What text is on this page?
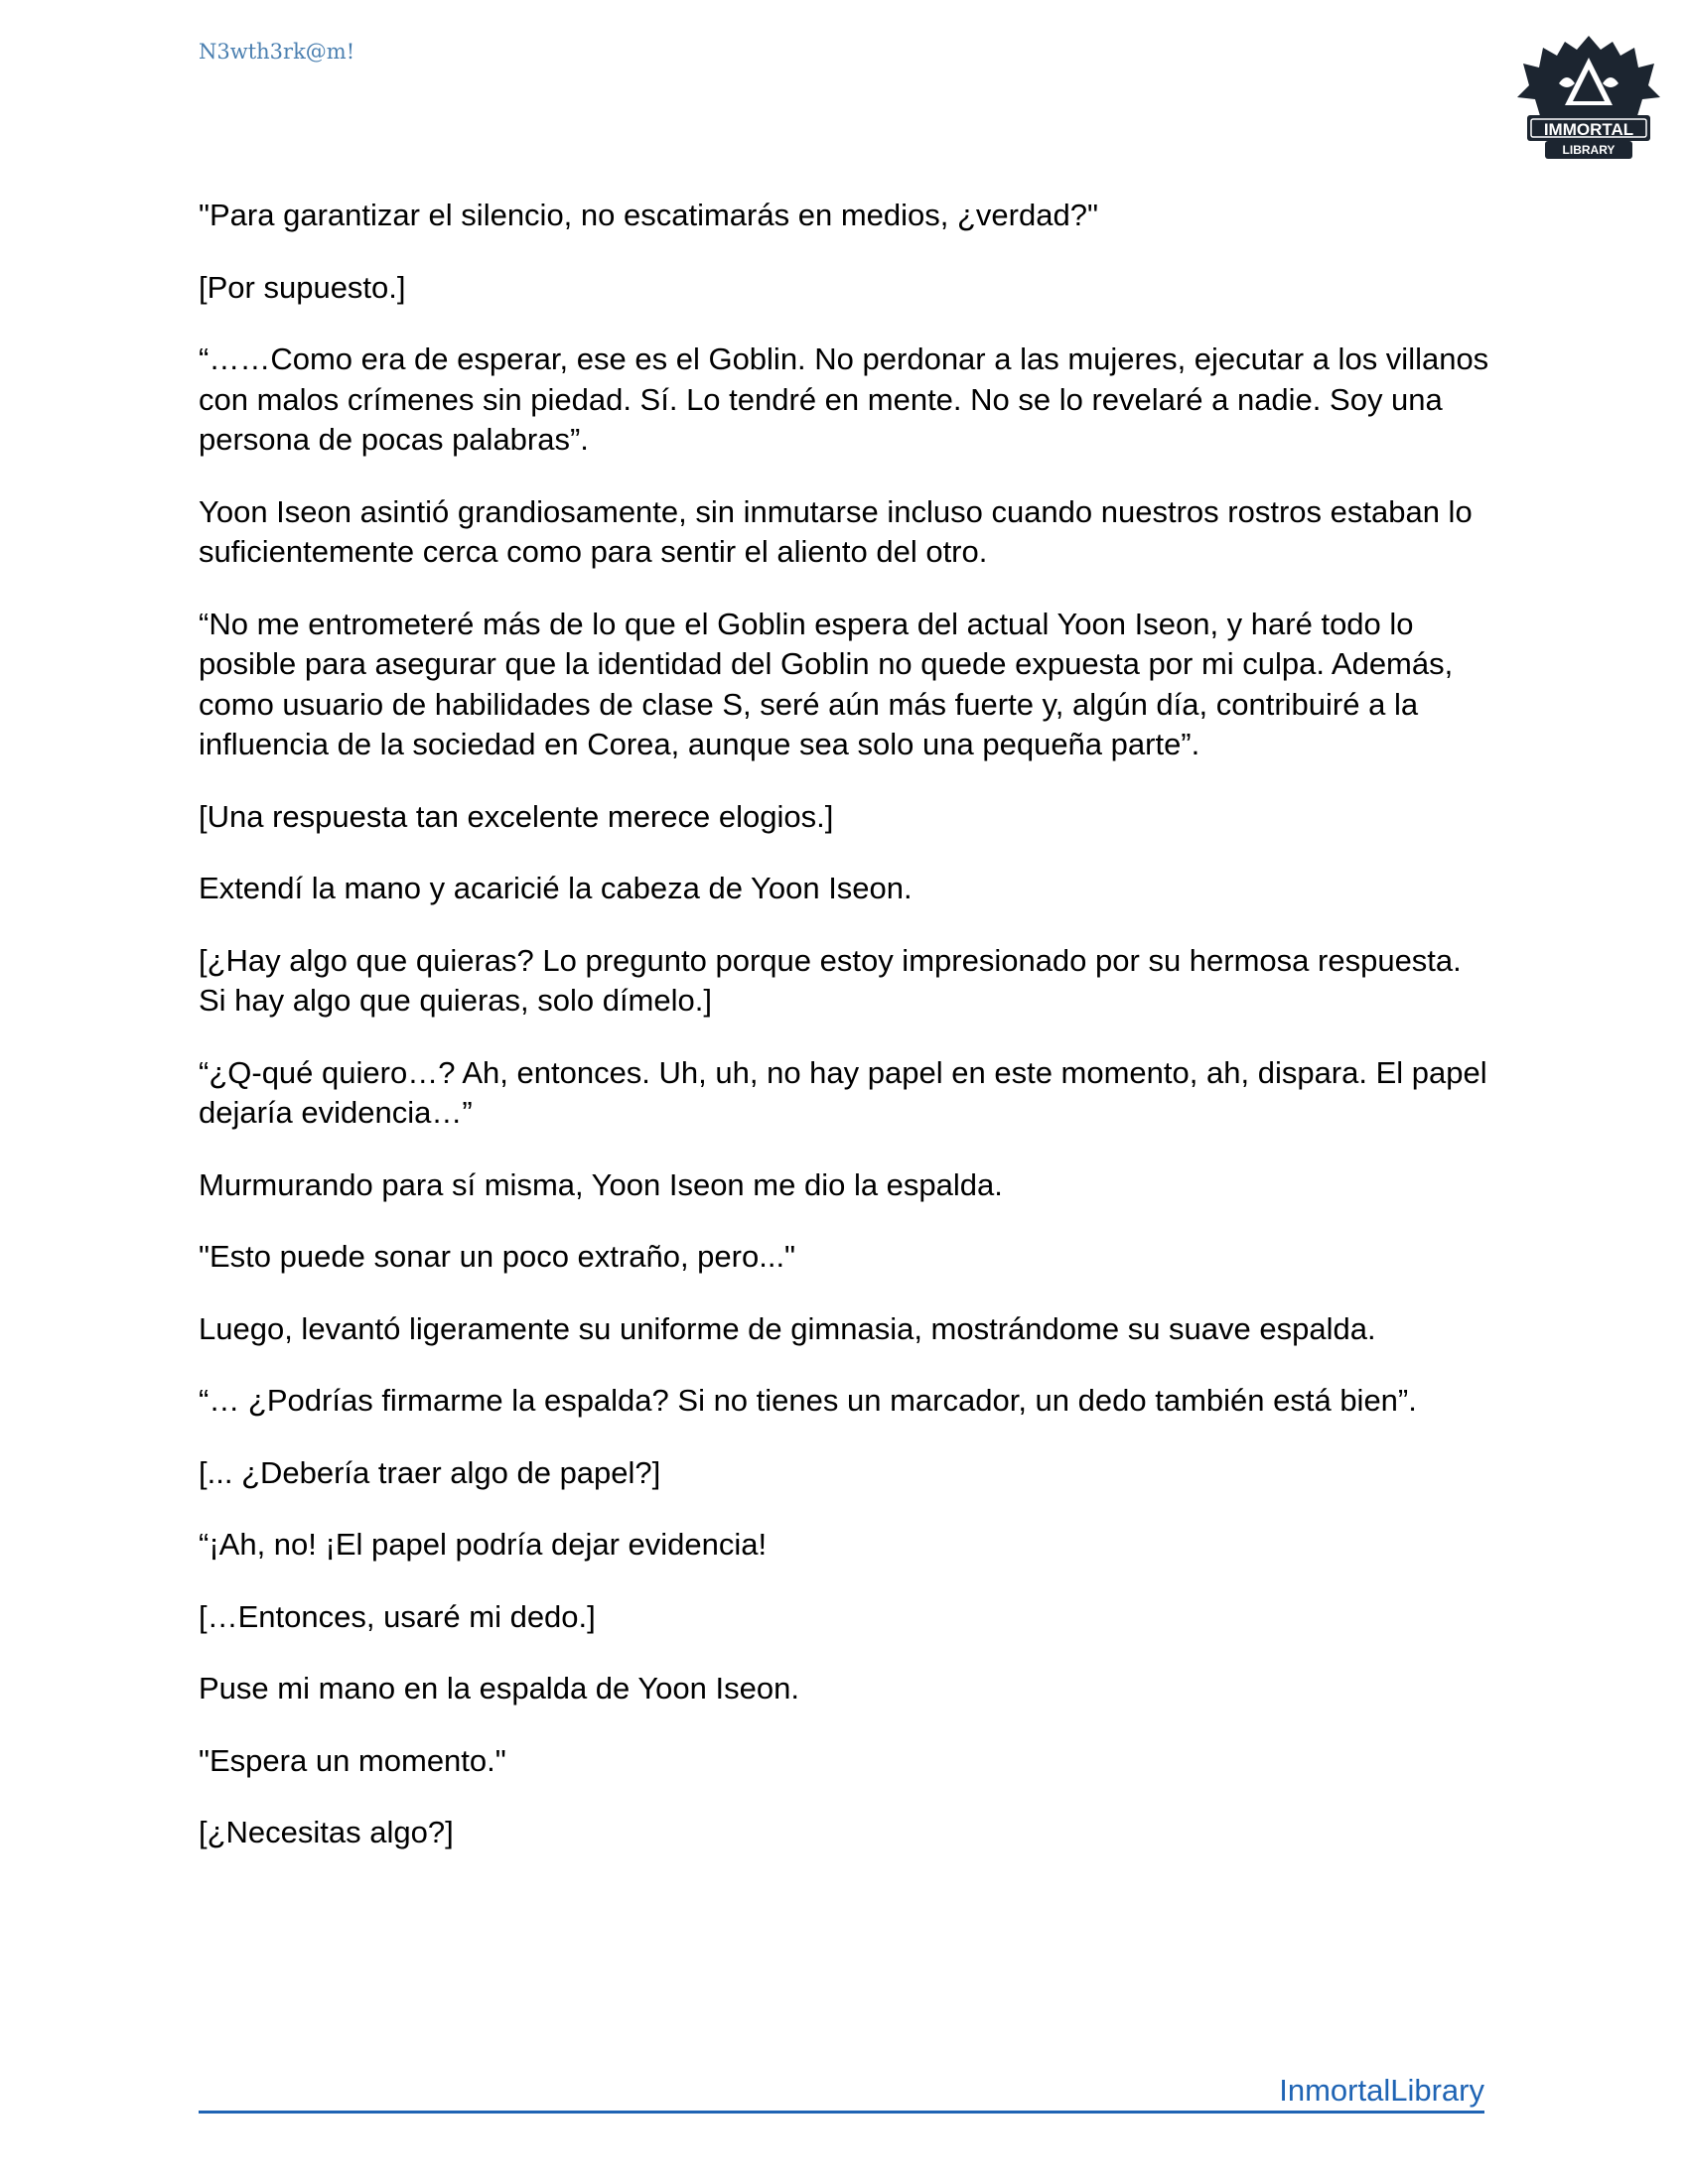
N3wth3rk@m!
IMMORTAL
LIBRARY

"Para garantizar el silencio, no escatimarás en medios, ¿verdad?"

[Por supuesto.]

“……Como era de esperar, ese es el Goblin. No perdonar a las mujeres, ejecutar a los villanos con malos crímenes sin piedad. Sí. Lo tendré en mente. No se lo revelaré a nadie. Soy una persona de pocas palabras”.

Yoon Iseon asintió grandiosamente, sin inmutarse incluso cuando nuestros rostros estaban lo suficientemente cerca como para sentir el aliento del otro.

“No me entrometeré más de lo que el Goblin espera del actual Yoon Iseon, y haré todo lo posible para asegurar que la identidad del Goblin no quede expuesta por mi culpa. Además, como usuario de habilidades de clase S, seré aún más fuerte y, algún día, contribuiré a la influencia de la sociedad en Corea, aunque sea solo una pequeña parte”.

[Una respuesta tan excelente merece elogios.]

Extendí la mano y acaricié la cabeza de Yoon Iseon.

[¿Hay algo que quieras? Lo pregunto porque estoy impresionado por su hermosa respuesta. Si hay algo que quieras, solo dímelo.]

“¿Q-qué quiero…? Ah, entonces. Uh, uh, no hay papel en este momento, ah, dispara. El papel dejaría evidencia…”

Murmurando para sí misma, Yoon Iseon me dio la espalda.

"Esto puede sonar un poco extraño, pero..."

Luego, levantó ligeramente su uniforme de gimnasia, mostrándome su suave espalda.

“… ¿Podrías firmarme la espalda? Si no tienes un marcador, un dedo también está bien”.

[... ¿Debería traer algo de papel?]

“¡Ah, no! ¡El papel podría dejar evidencia!

[…Entonces, usaré mi dedo.]

Puse mi mano en la espalda de Yoon Iseon.

"Espera un momento."

[¿Necesitas algo?]

InmortalLibrary
